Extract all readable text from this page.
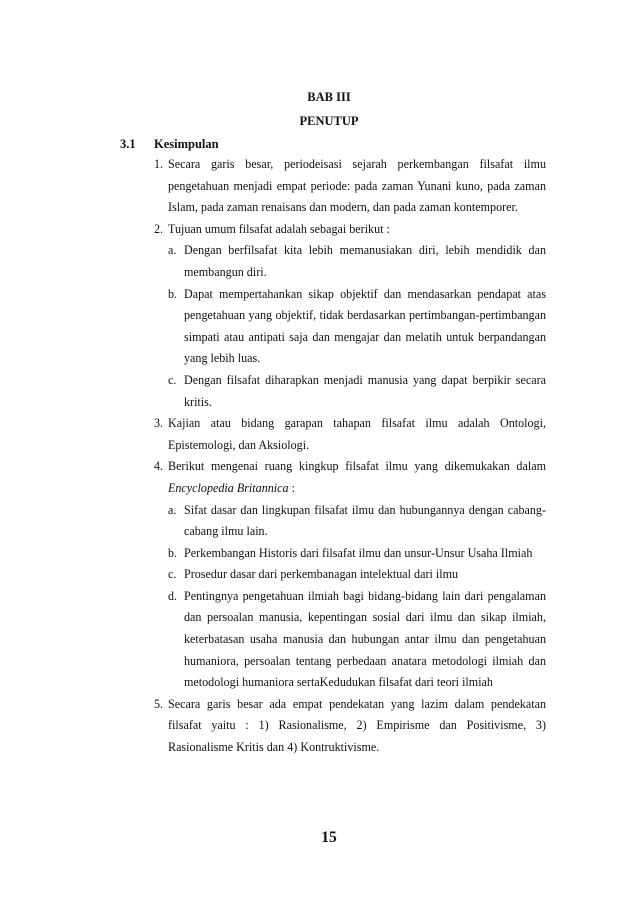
BAB III
PENUTUP
3.1 Kesimpulan
1. Secara garis besar, periodeisasi sejarah perkembangan filsafat ilmu pengetahuan menjadi empat periode: pada zaman Yunani kuno, pada zaman Islam, pada zaman renaisans dan modern, dan pada zaman kontemporer.

2. Tujuan umum filsafat adalah sebagai berikut :

a. Dengan berfilsafat kita lebih memanusiakan diri, lebih mendidik dan membangun diri.

b. Dapat mempertahankan sikap objektif dan mendasarkan pendapat atas pengetahuan yang objektif, tidak berdasarkan pertimbangan-pertimbangan simpati atau antipati saja dan mengajar dan melatih untuk berpandangan yang lebih luas.

c. Dengan filsafat diharapkan menjadi manusia yang dapat berpikir secara kritis.

3. Kajian atau bidang garapan tahapan filsafat ilmu adalah Ontologi, Epistemologi, dan Aksiologi.

4. Berikut mengenai ruang kingkup filsafat ilmu yang dikemukakan dalam Encyclopedia Britannica :

a. Sifat dasar dan lingkupan filsafat ilmu dan hubungannya dengan cabang-cabang ilmu lain.

b. Perkembangan Historis dari filsafat ilmu dan unsur-Unsur Usaha Ilmiah

c. Prosedur dasar dari perkembanagan intelektual dari ilmu

d. Pentingnya pengetahuan ilmiah bagi bidang-bidang lain dari pengalaman dan persoalan manusia, kepentingan sosial dari ilmu dan sikap ilmiah, keterbatasan usaha manusia dan hubungan antar ilmu dan pengetahuan humaniora, persoalan tentang perbedaan anatara metodologi ilmiah dan metodologi humaniora sertaKedudukan filsafat dari teori ilmiah

5. Secara garis besar ada empat pendekatan yang lazim dalam pendekatan filsafat yaitu : 1) Rasionalisme, 2) Empirisme dan Positivisme, 3) Rasionalisme Kritis dan 4) Kontruktivisme.

15
